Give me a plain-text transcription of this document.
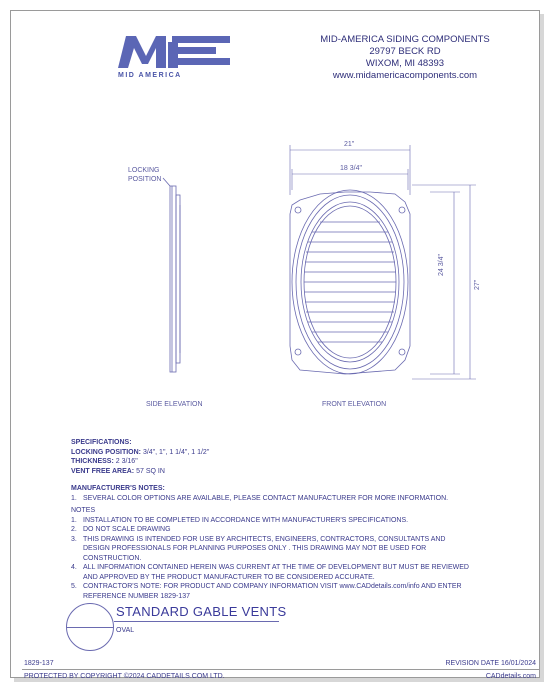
MID AMERICA
MID-AMERICA SIDING COMPONENTS
29797 BECK RD
WIXOM, MI 48393
www.midamericacomponents.com
LOCKING
POSITION
21"
18 3/4"
24 3/4"
27"
SIDE ELEVATION	FRONT ELEVATION
SPECIFICATIONS:
LOCKING POSITION: 3/4", 1", 1 1/4", 1 1/2"
THICKNESS: 2 3/16"
VENT FREE AREA: 57 SQ IN
MANUFACTURER'S NOTES:
1. SEVERAL COLOR OPTIONS ARE AVAILABLE, PLEASE CONTACT MANUFACTURER FOR MORE INFORMATION.
NOTES
1. INSTALLATION TO BE COMPLETED IN ACCORDANCE WITH MANUFACTURER'S SPECIFICATIONS.
2. DO NOT SCALE DRAWING
3. THIS DRAWING IS INTENDED FOR USE BY ARCHITECTS, ENGINEERS, CONTRACTORS, CONSULTANTS AND DESIGN PROFESSIONALS FOR PLANNING PURPOSES ONLY . THIS DRAWING MAY NOT BE USED FOR CONSTRUCTION.
4. ALL INFORMATION CONTAINED HEREIN WAS CURRENT AT THE TIME OF DEVELOPMENT BUT MUST BE REVIEWED AND APPROVED BY THE PRODUCT MANUFACTURER TO BE CONSIDERED ACCURATE.
5. CONTRACTOR'S NOTE: FOR PRODUCT AND COMPANY INFORMATION VISIT www.CADdetails.com/info AND ENTER REFERENCE NUMBER 1829-137
STANDARD GABLE VENTS
OVAL
1829-137	REVISION DATE 16/01/2024
PROTECTED BY COPYRIGHT ©2024 CADDETAILS.COM LTD.	CADdetails.com
